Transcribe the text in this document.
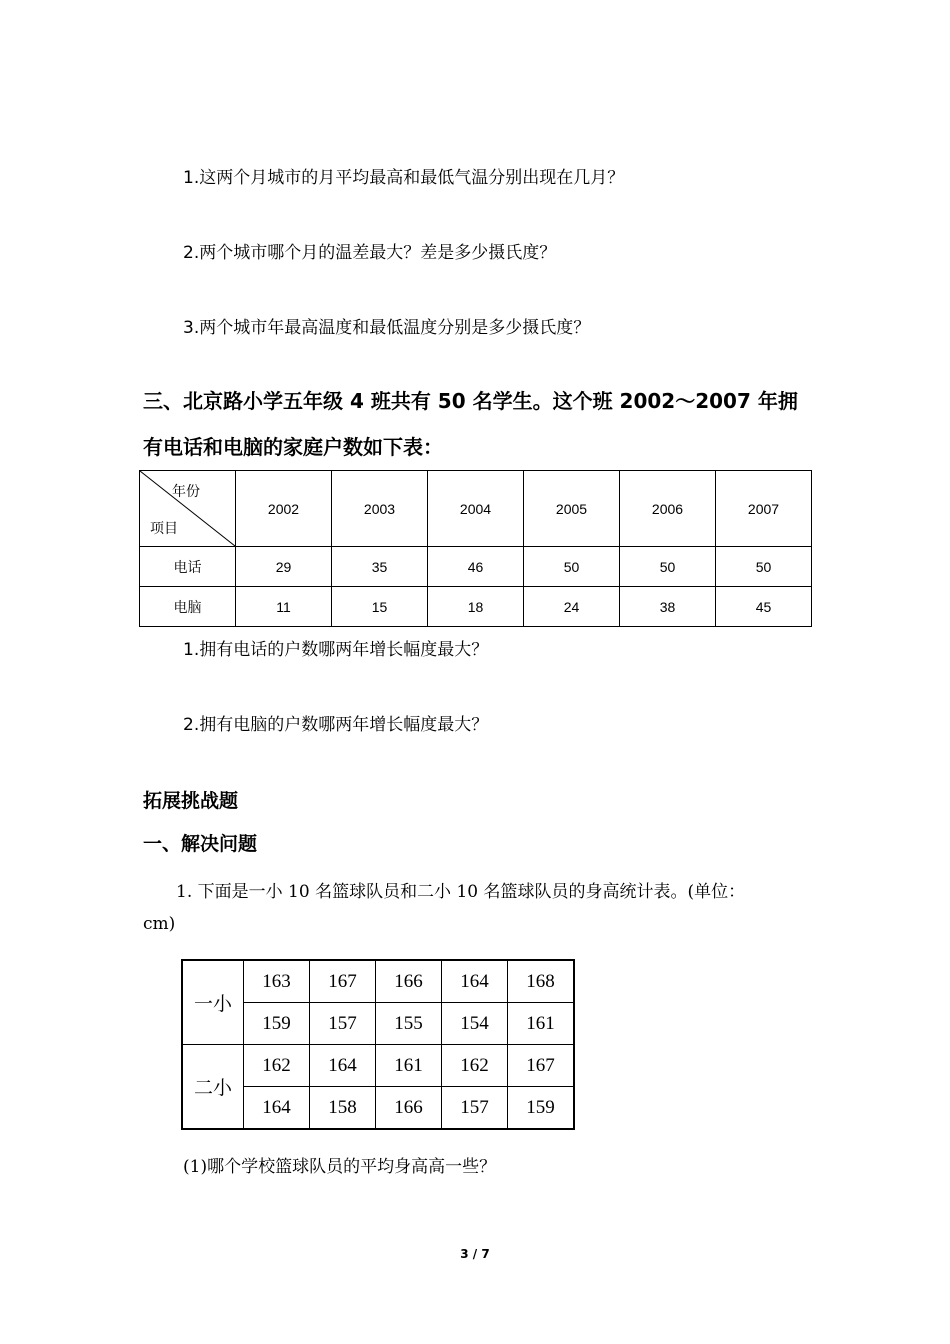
1.这两个月城市的月平均最高和最低气温分别出现在几月？
2.两个城市哪个月的温差最大？差是多少摄氏度？
3.两个城市年最高温度和最低温度分别是多少摄氏度？
三、北京路小学五年级 4 班共有 50 名学生。这个班 2002～2007 年拥
有电话和电脑的家庭户数如下表：
年份
项目	2002	2003	2004	2005	2006	2007
电话	29	35	46	50	50	50
电脑	11	15	18	24	38	45
1.拥有电话的户数哪两年增长幅度最大？
2.拥有电脑的户数哪两年增长幅度最大？
拓展挑战题
一、解决问题
1. 下面是一小 10 名篮球队员和二小 10 名篮球队员的身高统计表。(单位：
cm)
一小	163	167	166	164	168
	159	157	155	154	161
二小	162	164	161	162	167
	164	158	166	157	159
(1)哪个学校篮球队员的平均身高高一些？
3 / 7
